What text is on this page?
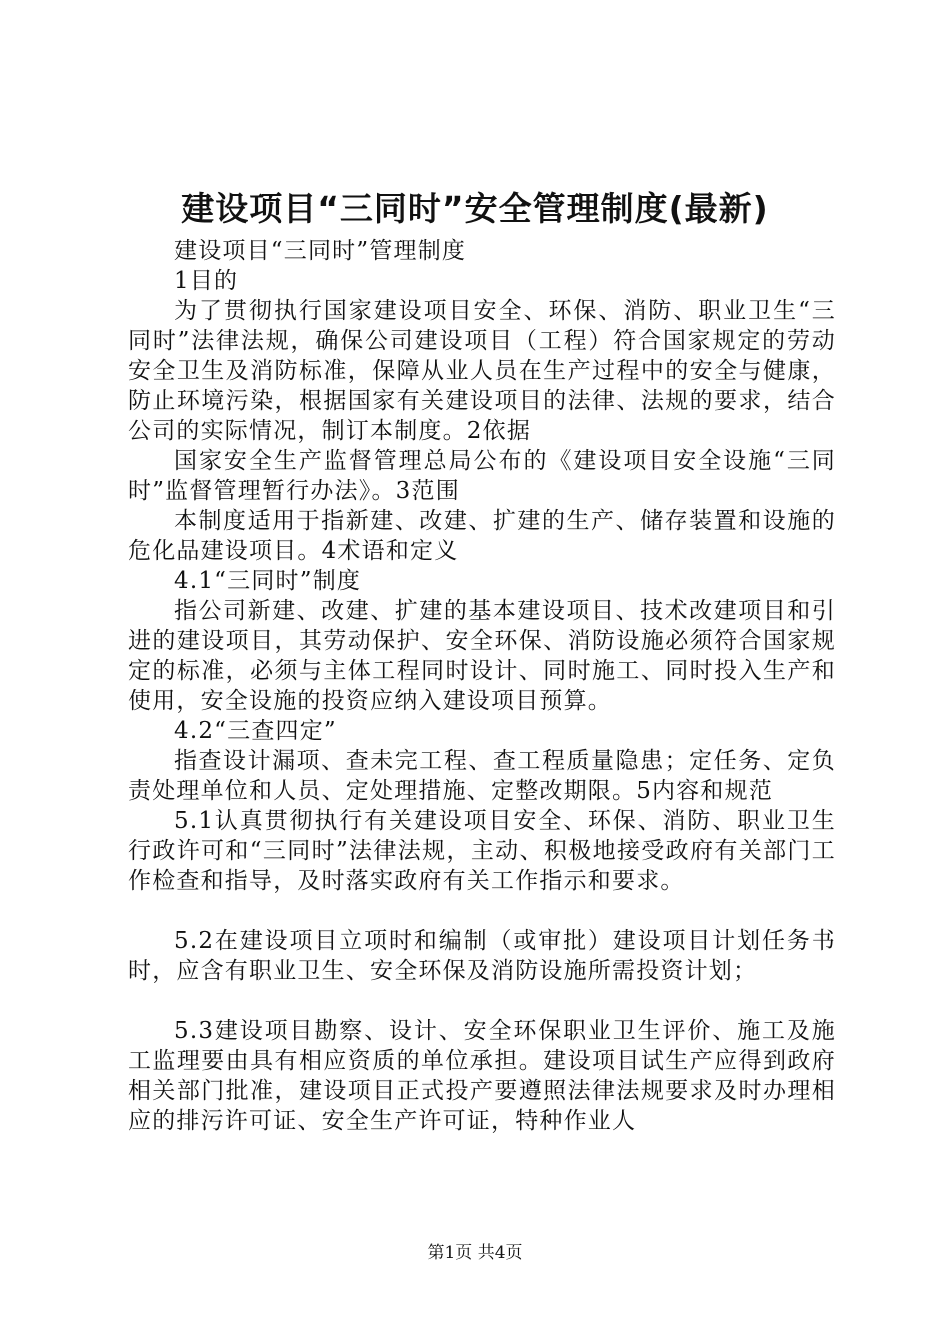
建设项目“三同时”安全管理制度(最新)

建设项目“三同时”管理制度

1目的

为了贯彻执行国家建设项目安全、环保、消防、职业卫生“三同时”法律法规，确保公司建设项目（工程）符合国家规定的劳动安全卫生及消防标准，保障从业人员在生产过程中的安全与健康，防止环境污染，根据国家有关建设项目的法律、法规的要求，结合公司的实际情况，制订本制度。2依据

国家安全生产监督管理总局公布的《建设项目安全设施“三同时”监督管理暂行办法》。3范围

本制度适用于指新建、改建、扩建的生产、储存装置和设施的危化品建设项目。4术语和定义

4.1“三同时”制度

指公司新建、改建、扩建的基本建设项目、技术改建项目和引进的建设项目，其劳动保护、安全环保、消防设施必须符合国家规定的标准，必须与主体工程同时设计、同时施工、同时投入生产和使用，安全设施的投资应纳入建设项目预算。

4.2“三查四定”

指查设计漏项、查未完工程、查工程质量隐患；定任务、定负责处理单位和人员、定处理措施、定整改期限。5内容和规范

5.1认真贯彻执行有关建设项目安全、环保、消防、职业卫生行政许可和“三同时”法律法规，主动、积极地接受政府有关部门工作检查和指导，及时落实政府有关工作指示和要求。

5.2在建设项目立项时和编制（或审批）建设项目计划任务书时，应含有职业卫生、安全环保及消防设施所需投资计划；

5.3建设项目勘察、设计、安全环保职业卫生评价、施工及施工监理要由具有相应资质的单位承担。建设项目试生产应得到政府相关部门批准，建设项目正式投产要遵照法律法规要求及时办理相应的排污许可证、安全生产许可证，特种作业人

第1页 共4页
